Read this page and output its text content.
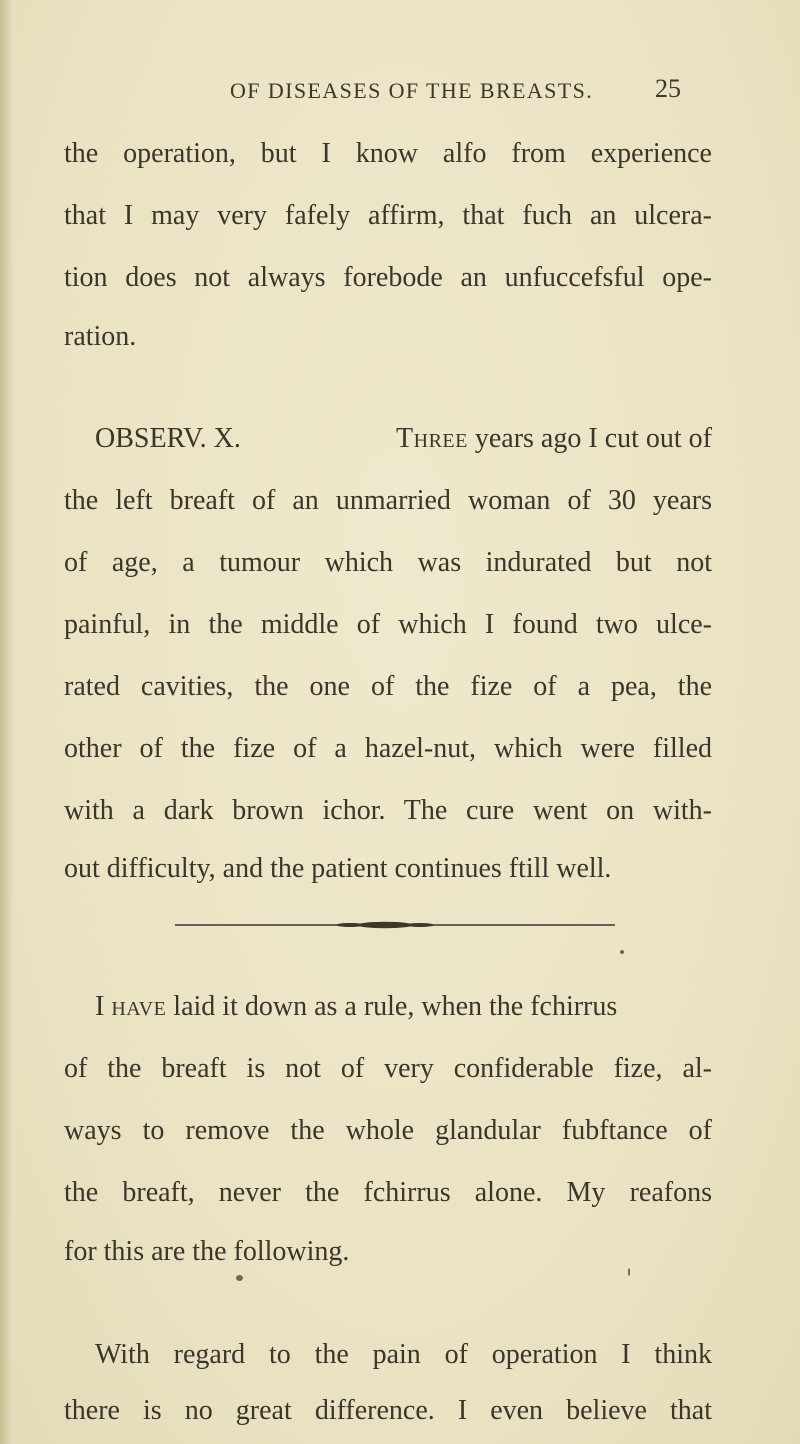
OF DISEASES OF THE BREASTS. 25
the operation, but I know alfo from experience
that I may very fafely affirm, that fuch an ulcera-
tion does not always forebode an unfuccefsful ope-
ration.
OBSERV. X.	Three years ago I cut out of
the left breaft of an unmarried woman of 30 years
of age, a tumour which was indurated but not
painful, in the middle of which I found two ulce-
rated cavities, the one of the fize of a pea, the
other of the fize of a hazel-nut, which were filled
with a dark brown ichor. The cure went on with-
out difficulty, and the patient continues ftill well.
I
have laid it down as a rule, when the fchirrus
of the breaft is not of very confiderable fize, al-
ways to remove the whole glandular fubftance of
the breaft, never the fchirrus alone. My reafons
for this are the following.
With regard to the pain of operation I think
there is no great difference. I even believe that
